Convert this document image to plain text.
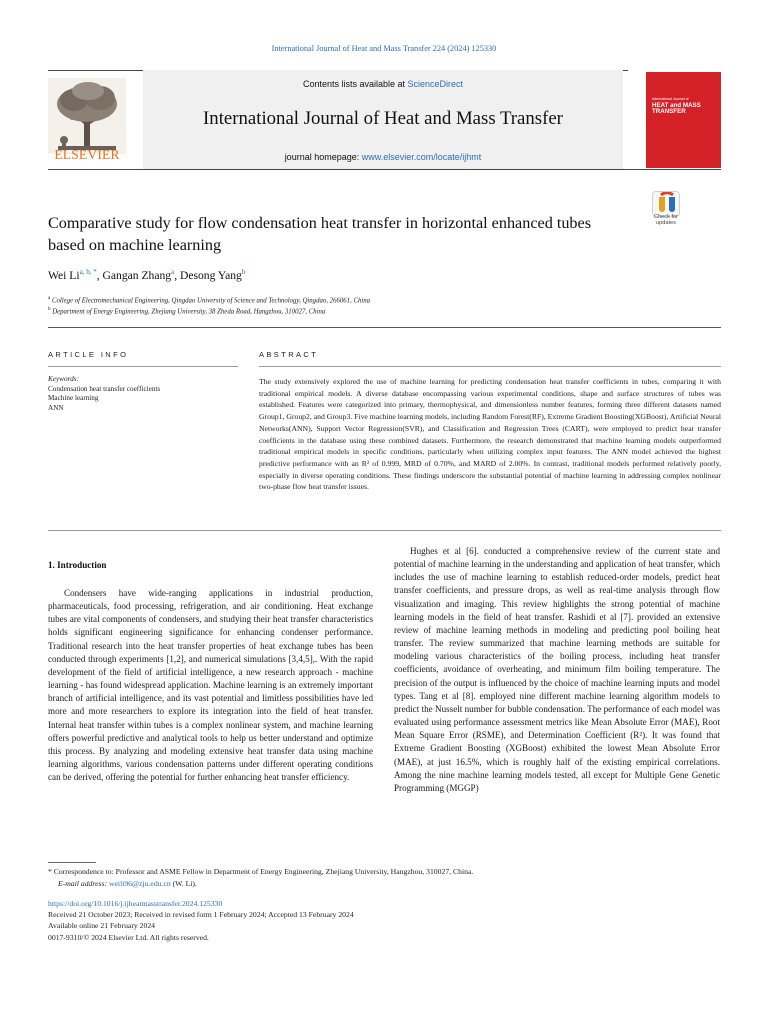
International Journal of Heat and Mass Transfer 224 (2024) 125330
ELSEVIER
Contents lists available at ScienceDirect
International Journal of Heat and Mass Transfer
journal homepage: www.elsevier.com/locate/ijhmt
International Journal of
HEAT and MASS TRANSFER
Check for
updates
Comparative study for flow condensation heat transfer in horizontal enhanced tubes based on machine learning
Wei $Li^{a, b, *}$, Gangan Zhang$^a$, Desong Yang$^b$
$^a$ College of Electromechanical Engineering, Qingdao University of Science and Technology, Qingdao, 266061, China
$^b$ Department of Energy Engineering, Zhejiang University, 38 Zheda Road, Hangzhou, 310027, China
ARTICLE INFO	ABSTRACT
Keywords:
Condensation heat transfer coefficients
Machine learning
ANN
The study extensively explored the use of machine learning for predicting condensation heat transfer coefficients in tubes, comparing it with traditional empirical models. A diverse database encompassing various experimental conditions, shape and surface structures of tubes was established. Features were categorized into primary, thermophysical, and dimensionless number features, forming three different datasets named Group1, Group2, and Group3. Five machine learning models, including Random Forest(RF), Extreme Gradient Boosting(XGBoost), Artificial Neural Networks(ANN), Support Vector Regression(SVR), and Classification and Regression Trees (CART), were employed to predict heat transfer coefficients in the database using these combined datasets. Furthermore, the research demonstrated that machine learning models outperformed traditional empirical models in specific conditions, particularly when utilizing complex input features. The ANN model achieved the highest predictive performance with an R² of 0.999, MRD of 0.70%, and MARD of 2.00%. In contrast, traditional models performed relatively poorly, especially in diverse operating conditions. These findings underscore the substantial potential of machine learning in addressing complex nonlinear two-phase flow heat transfer issues.
1. Introduction

Condensers have wide-ranging applications in industrial production, pharmaceuticals, food processing, refrigeration, and air conditioning. Heat exchange tubes are vital components of condensers, and studying their heat transfer characteristics holds significant engineering significance for enhancing condenser performance. Traditional research into the heat transfer properties of heat exchange tubes has been conducted through experiments [1,2], and numerical simulations [3,4,5],. With the rapid development of the field of artificial intelligence, a new research approach - machine learning - has found widespread application. Machine learning is an extremely important branch of artificial intelligence, and its vast potential and limitless possibilities have led more and more researchers to explore its integration into the field of heat transfer. Internal heat transfer within tubes is a complex nonlinear system, and machine learning offers powerful predictive and analytical tools to help us better understand and optimize this process. By analyzing and modeling extensive heat transfer data using machine learning algorithms, various condensation patterns under different operating conditions can be derived, offering the potential for further enhancing heat transfer efficiency.

Hughes et al [6]. conducted a comprehensive review of the current state and potential of machine learning in the understanding and application of heat transfer, which includes the use of machine learning to establish reduced-order models, predict heat transfer coefficients, and pressure drops, as well as real-time analysis through flow visualization and imaging. This review highlights the strong potential of machine learning models in the field of heat transfer. Rashidi et al [7]. provided an extensive review of machine learning methods in modeling and predicting pool boiling heat transfer. The review summarized that machine learning methods are suitable for modeling various characteristics of the boiling process, including heat transfer coefficients, avoidance of overheating, and minimum film boiling temperature. The precision of the output is influenced by the choice of machine learning inputs and model types. Tang et al [8]. employed nine different machine learning algorithm models to predict the Nusselt number for bubble condensation. The performance of each model was evaluated using performance assessment metrics like Mean Absolute Error (MAE), Root Mean Square Error (RSME), and Determination Coefficient (R²). It was found that Extreme Gradient Boosting (XGBoost) exhibited the lowest Mean Absolute Error (MAE), at just 16.5%, which is roughly half of the existing empirical correlations. Among the nine machine learning models tested, all except for Multiple Gene Genetic Programming (MGGP)

* Correspondence to: Professor and ASME Fellow in Department of Energy Engineering, Zhejiang University, Hangzhou, 310027, China.
E-mail address: weili96@zju.edu.cn (W. Li).
https://doi.org/10.1016/j.ijheatmasstransfer.2024.125330
Received 21 October 2023; Received in revised form 1 February 2024; Accepted 13 February 2024
Available online 21 February 2024
0017-9310/© 2024 Elsevier Ltd. All rights reserved.
